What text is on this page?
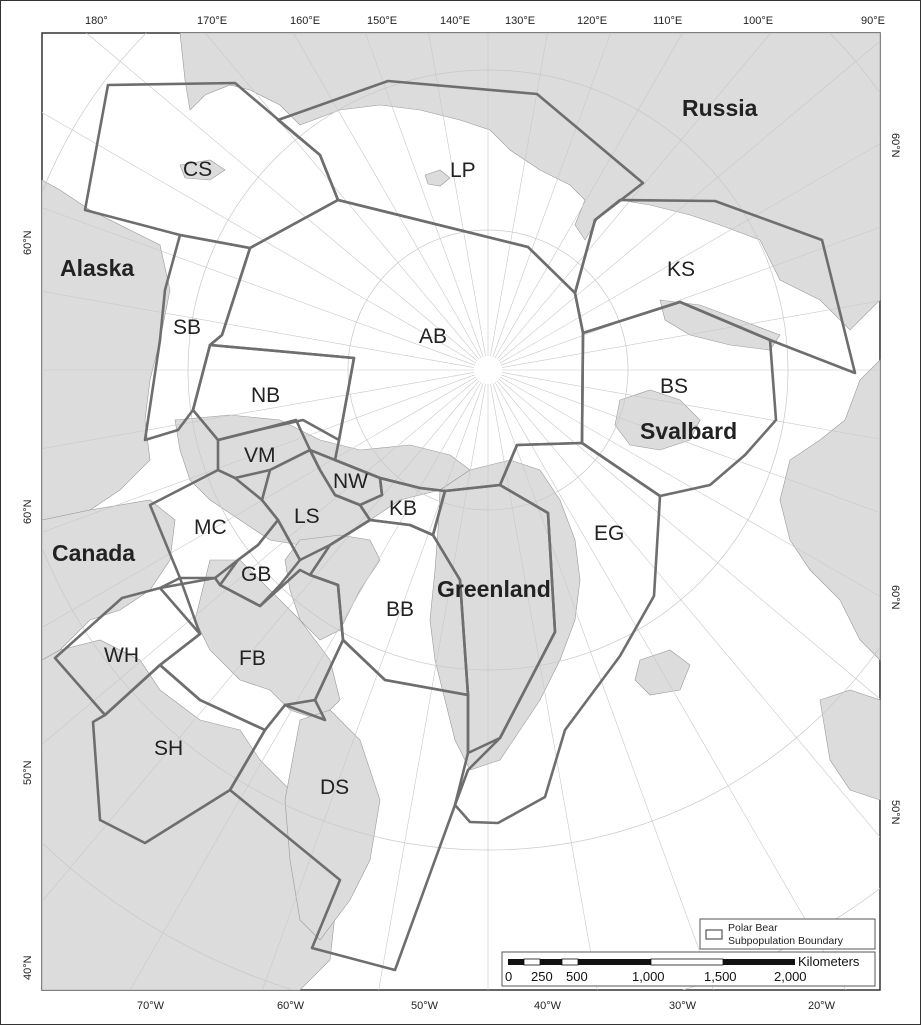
CS	LP
KS
AB
SB
BS
NB
VM
NW
KB
MC	LS
EG
GB
BB
WH	FB
SH
DS
Russia
Alaska
Canada
Greenland
Svalbard
Polar Bear
Subpopulation Boundary
Kilometers
0 250 500	1,000	1,500	2,000
180°	170°E	160°E	150°E	140°E	130°E	120°E	110°E	100°E	90°E
70°W	60°W	50°W	40°W	30°W	20°W
60°N
60°N
50°N
40°N
60°N
60°N
50°N
